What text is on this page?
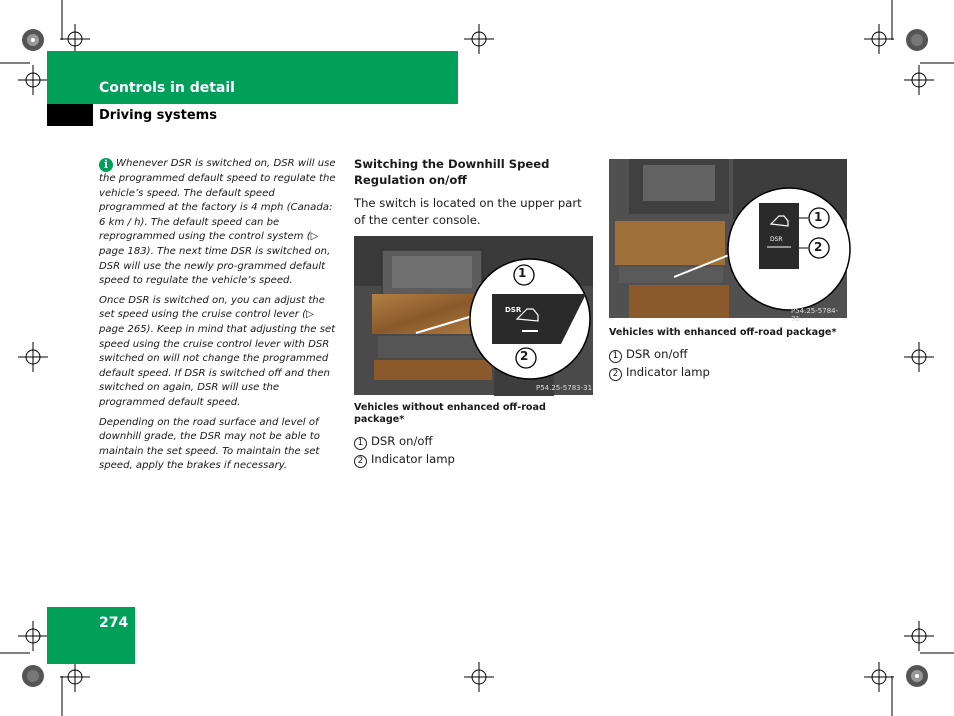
Controls in detail
Driving systems

i Whenever DSR is switched on, DSR will use the programmed default speed to regulate the vehicle’s speed. The default speed programmed at the factory is 4 mph (Canada: 6 km / h). The default speed can be reprogrammed using the control system (▷ page 183). The next time DSR is switched on, DSR will use the newly pro-grammed default speed to regulate the vehicle’s speed.

Once DSR is switched on, you can adjust the set speed using the cruise control lever (▷ page 265). Keep in mind that adjusting the set speed using the cruise control lever with DSR switched on will not change the programmed default speed. If DSR is switched off and then switched on again, DSR will use the programmed default speed.

Depending on the road surface and level of downhill grade, the DSR may not be able to maintain the set speed. To maintain the set speed, apply the brakes if necessary.

Switching the Downhill Speed Regulation on/off

The switch is located on the upper part of the center console.

DSR
1
2
P54.25-5783-31
Vehicles without enhanced off-road package*
1 DSR on/off
2 Indicator lamp
DSR
1
2
P54.25-5784-31
Vehicles with enhanced off-road package*
1 DSR on/off
2 Indicator lamp
274
